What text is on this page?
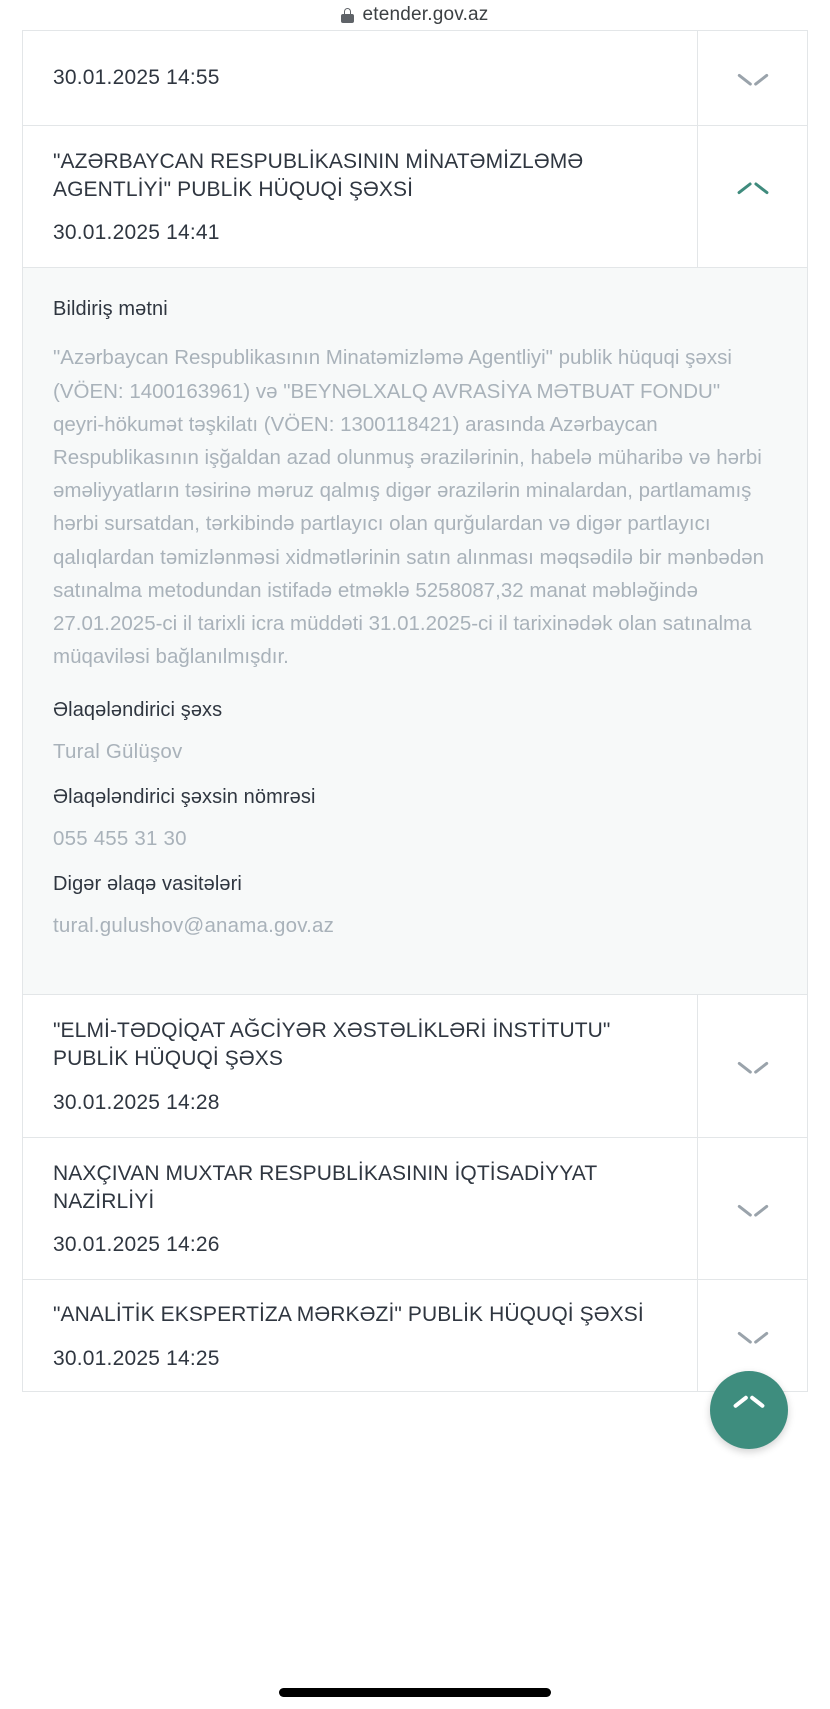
etender.gov.az
30.01.2025 14:55
"AZƏRBAYCAN RESPUBLİKASININ MİNATƏMİZLƏMƏ AGENTLİYİ" PUBLİK HÜQUQİ ŞƏXSİ
30.01.2025 14:41
Bildiriş mətni
"Azərbaycan Respublikasının Minatəmizləmə Agentliyi" publik hüquqi şəxsi (VÖEN: 1400163961) və "BEYNƏLXALQ AVRASİYA MƏTBUAT FONDU" qeyri-hökumət təşkilatı (VÖEN: 1300118421) arasında Azərbaycan Respublikasının işğaldan azad olunmuş ərazilərinin, habelə müharibə və hərbi əməliyyatların təsirinə məruz qalmış digər ərazilərin minalardan, partlamamış hərbi sursatdan, tərkibində partlayıcı olan qurğulardan və digər partlayıcı qalıqlardan təmizlənməsi xidmətlərinin satın alınması məqsədilə bir mənbədən satınalma metodundan istifadə etməklə 5258087,32 manat məbləğində 27.01.2025-ci il tarixli icra müddəti 31.01.2025-ci il tarixinədək olan satınalma müqaviləsi bağlanılmışdır.
Əlaqələndirici şəxs
Tural Gülüşov
Əlaqələndirici şəxsin nömrəsi
055 455 31 30
Digər əlaqə vasitələri
tural.gulushov@anama.gov.az
"ELMİ-TƏDQİQAT AĞCİYƏR XƏSTƏLİKLƏRİ İNSTİTUTU" PUBLİK HÜQUQİ ŞƏXS
30.01.2025 14:28
NAXÇIVAN MUXTAR RESPUBLİKASININ İQTİSADİYYAT NAZİRLİYİ
30.01.2025 14:26
"ANALİTİK EKSPERTİZA MƏRKƏZİ" PUBLİK HÜQUQİ ŞƏXSİ
30.01.2025 14:25
